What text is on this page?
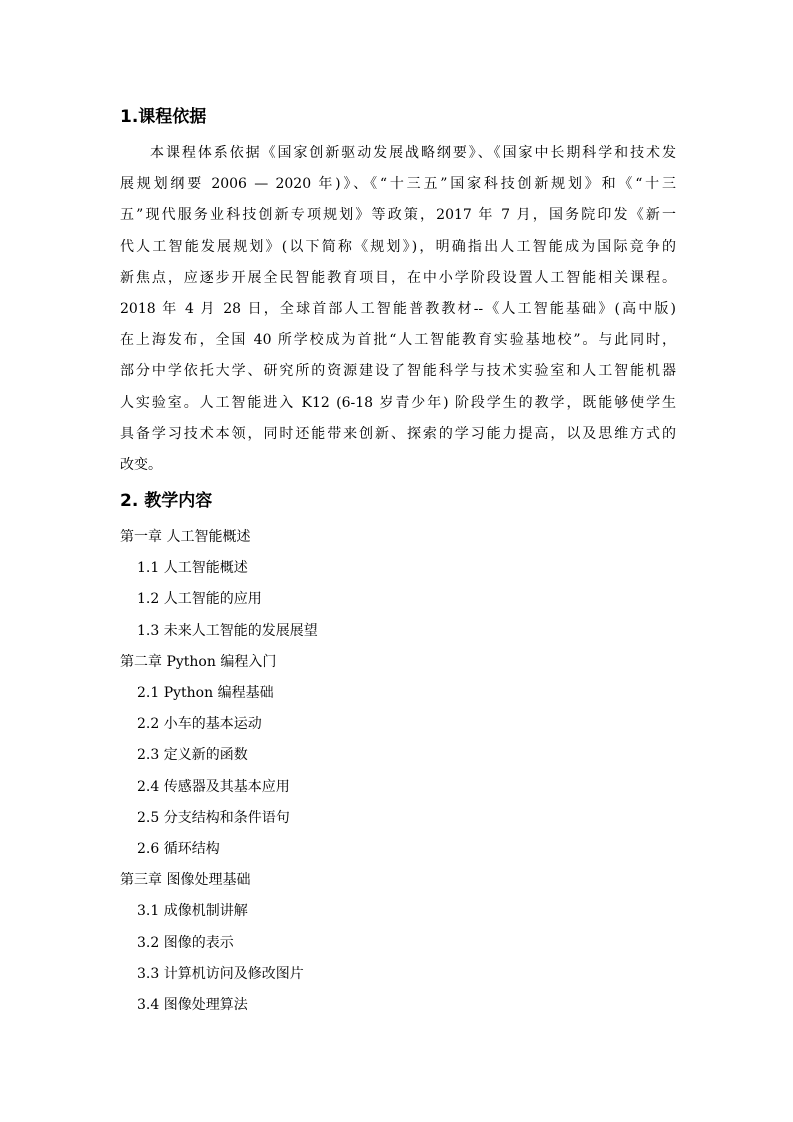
1.课程依据

本课程体系依据《国家创新驱动发展战略纲要》、《国家中长期科学和技术发
展规划纲要 2006 — 2020 年)》、《“十三五”国家科技创新规划》和《“十三
五”现代服务业科技创新专项规划》等政策，2017 年 7 月，国务院印发《新一
代人工智能发展规划》(以下简称《规划》)，明确指出人工智能成为国际竞争的
新焦点，应逐步开展全民智能教育项目，在中小学阶段设置人工智能相关课程。
2018 年 4 月 28 日，全球首部人工智能普教教材--《人工智能基础》(高中版)
在上海发布，全国 40 所学校成为首批“人工智能教育实验基地校”。与此同时，
部分中学依托大学、研究所的资源建设了智能科学与技术实验室和人工智能机器
人实验室。人工智能进入 K12 (6-18 岁青少年) 阶段学生的教学，既能够使学生
具备学习技术本领，同时还能带来创新、探索的学习能力提高，以及思维方式的
改变。

2. 教学内容
第一章 人工智能概述
1.1 人工智能概述
1.2 人工智能的应用
1.3 未来人工智能的发展展望
第二章 Python 编程入门
2.1 Python 编程基础
2.2 小车的基本运动
2.3 定义新的函数
2.4 传感器及其基本应用
2.5 分支结构和条件语句
2.6 循环结构
第三章 图像处理基础
3.1 成像机制讲解
3.2 图像的表示
3.3 计算机访问及修改图片
3.4 图像处理算法
